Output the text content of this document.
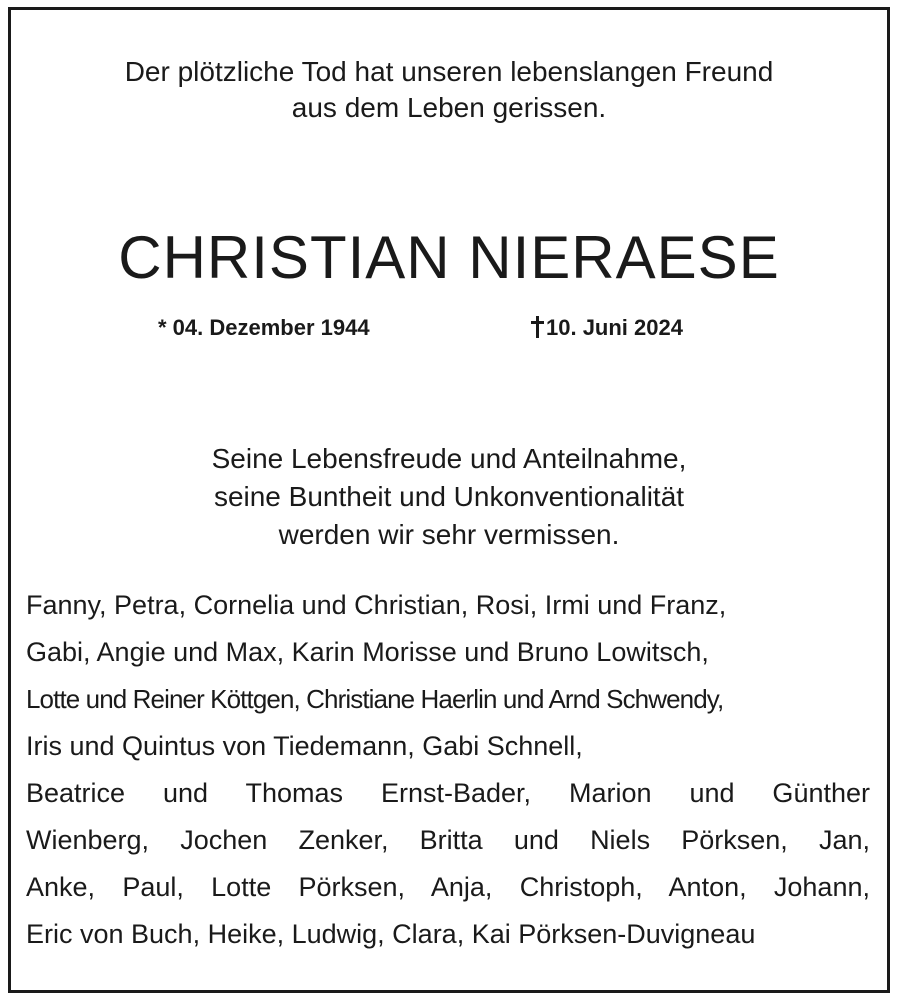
Der plötzliche Tod hat unseren lebenslangen Freund
aus dem Leben gerissen.
CHRISTIAN NIERAESE
* 04. Dezember 1944	10. Juni 2024
Seine Lebensfreude und Anteilnahme,
seine Buntheit und Unkonventionalität
werden wir sehr vermissen.
Fanny, Petra, Cornelia und Christian, Rosi, Irmi und Franz,
Gabi, Angie und Max, Karin Morisse und Bruno Lowitsch,
Lotte und Reiner Köttgen, Christiane Haerlin und Arnd Schwendy,
Iris und Quintus von Tiedemann, Gabi Schnell,
Beatrice und Thomas Ernst-Bader, Marion und Günther
Wienberg, Jochen Zenker, Britta und Niels Pörksen, Jan,
Anke, Paul, Lotte Pörksen, Anja, Christoph, Anton, Johann,
Eric von Buch, Heike, Ludwig, Clara, Kai Pörksen-Duvigneau
